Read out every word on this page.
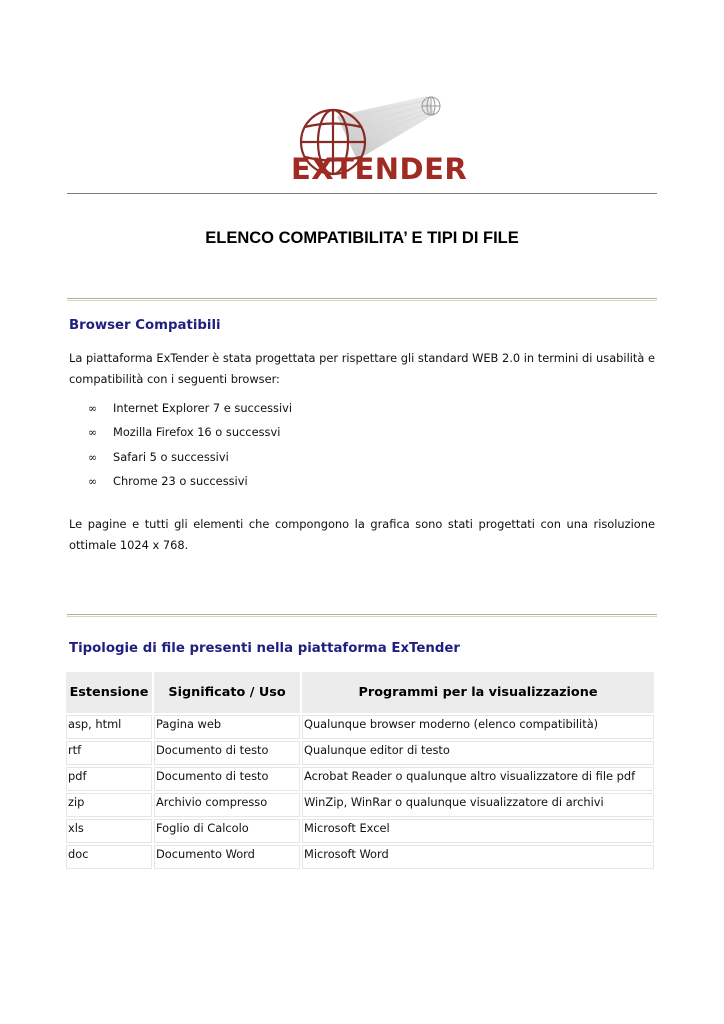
EXTENDER
ELENCO COMPATIBILITA’ E TIPI DI FILE
Browser Compatibili
La piattaforma ExTender è stata progettata per rispettare gli standard WEB 2.0 in termini di usabilità e compatibilità con i seguenti browser:
∞ Internet Explorer 7 e successivi
∞ Mozilla Firefox 16 o successvi
∞ Safari 5 o successivi
∞ Chrome 23 o successivi
Le pagine e tutti gli elementi che compongono la grafica sono stati progettati con una risoluzione ottimale 1024 x 768.
Tipologie di file presenti nella piattaforma ExTender
Estensione	Significato / Uso	Programmi per la visualizzazione
asp, html	Pagina web	Qualunque browser moderno (elenco compatibilità)
rtf	Documento di testo	Qualunque editor di testo
pdf	Documento di testo	Acrobat Reader o qualunque altro visualizzatore di file pdf
zip	Archivio compresso	WinZip, WinRar o qualunque visualizzatore di archivi
xls	Foglio di Calcolo	Microsoft Excel
doc	Documento Word	Microsoft Word
